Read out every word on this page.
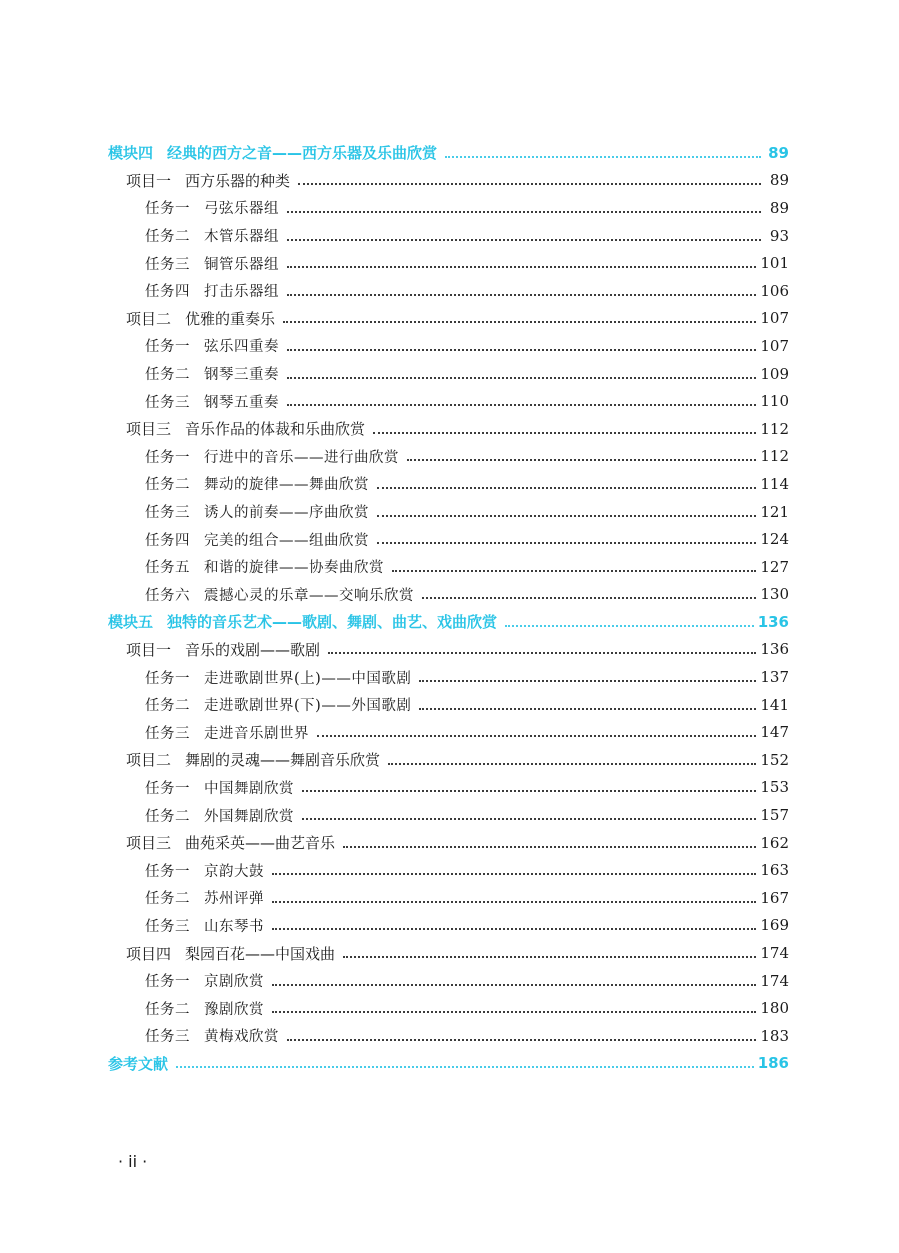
模块四 经典的西方之音——西方乐器及乐曲欣赏	89
项目一 西方乐器的种类	89
任务一 弓弦乐器组	89
任务二 木管乐器组	93
任务三 铜管乐器组	101
任务四 打击乐器组	106
项目二 优雅的重奏乐	107
任务一 弦乐四重奏	107
任务二 钢琴三重奏	109
任务三 钢琴五重奏	110
项目三 音乐作品的体裁和乐曲欣赏	112
任务一 行进中的音乐——进行曲欣赏	112
任务二 舞动的旋律——舞曲欣赏	114
任务三 诱人的前奏——序曲欣赏	121
任务四 完美的组合——组曲欣赏	124
任务五 和谐的旋律——协奏曲欣赏	127
任务六 震撼心灵的乐章——交响乐欣赏	130
模块五 独特的音乐艺术——歌剧、舞剧、曲艺、戏曲欣赏	136
项目一 音乐的戏剧——歌剧	136
任务一 走进歌剧世界(上)——中国歌剧	137
任务二 走进歌剧世界(下)——外国歌剧	141
任务三 走进音乐剧世界	147
项目二 舞剧的灵魂——舞剧音乐欣赏	152
任务一 中国舞剧欣赏	153
任务二 外国舞剧欣赏	157
项目三 曲苑采英——曲艺音乐	162
任务一 京韵大鼓	163
任务二 苏州评弹	167
任务三 山东琴书	169
项目四 梨园百花——中国戏曲	174
任务一 京剧欣赏	174
任务二 豫剧欣赏	180
任务三 黄梅戏欣赏	183
参考文献	186
· ii ·
